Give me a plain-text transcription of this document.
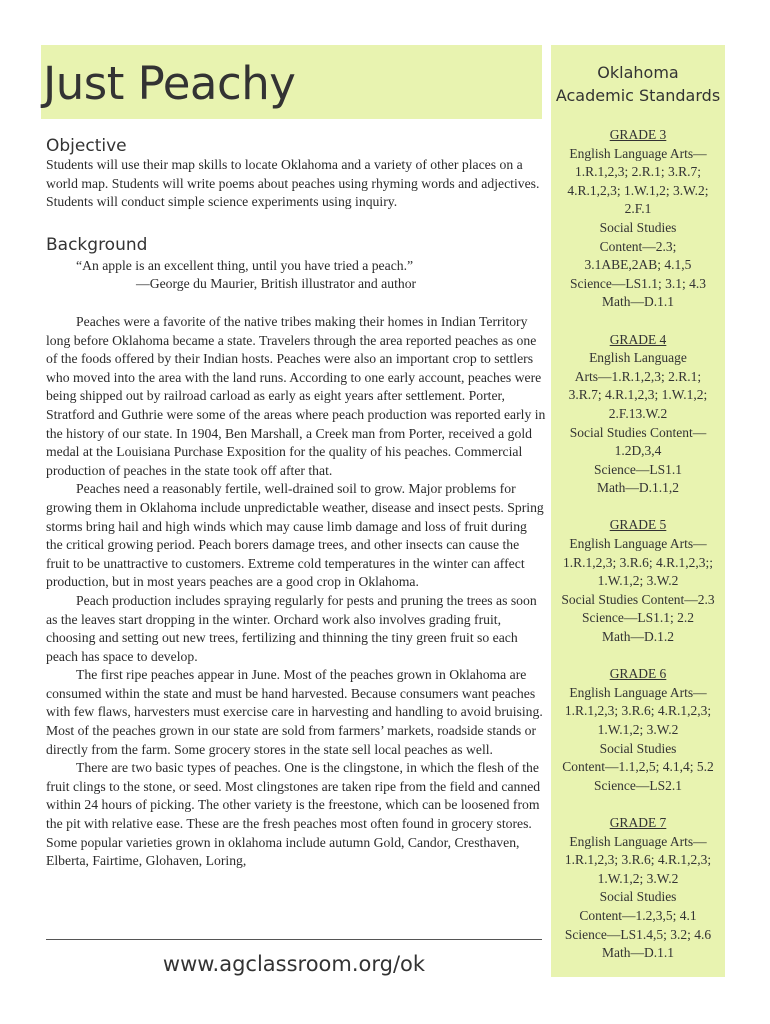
Just Peachy	Oklahoma
Academic Standards
GRADE 3
English Language Arts—
1.R.1,2,3; 2.R.1; 3.R.7;
4.R.1,2,3; 1.W.1,2; 3.W.2;
2.F.1
Social Studies
Content—2.3;
3.1ABE,2AB; 4.1,5
Science—LS1.1; 3.1; 4.3
Math—D.1.1
GRADE 4
English Language
Arts—1.R.1,2,3; 2.R.1;
3.R.7; 4.R.1,2,3; 1.W.1,2;
2.F.13.W.2
Social Studies Content—
1.2D,3,4
Science—LS1.1
Math—D.1.1,2
GRADE 5
English Language Arts—
1.R.1,2,3; 3.R.6; 4.R.1,2,3;;
1.W.1,2; 3.W.2
Social Studies Content—2.3
Science—LS1.1; 2.2
Math—D.1.2
GRADE 6
English Language Arts—
1.R.1,2,3; 3.R.6; 4.R.1,2,3;
1.W.1,2; 3.W.2
Social Studies
Content—1.1,2,5; 4.1,4; 5.2
Science—LS2.1
GRADE 7
English Language Arts—
1.R.1,2,3; 3.R.6; 4.R.1,2,3;
1.W.1,2; 3.W.2
Social Studies
Content—1.2,3,5; 4.1
Science—LS1.4,5; 3.2; 4.6
Math—D.1.1
Objective
Students will use their map skills to locate Oklahoma and a variety of other places on a world map. Students will write poems about peaches using rhyming words and adjectives. Students will conduct simple science experiments using inquiry.
Background
“An apple is an excellent thing, until you have tried a peach.”
—George du Maurier, British illustrator and author

Peaches were a favorite of the native tribes making their homes in Indian Territory long before Oklahoma became a state. Travelers through the area reported peaches as one of the foods offered by their Indian hosts. Peaches were also an important crop to settlers who moved into the area with the land runs. According to one early account, peaches were being shipped out by railroad carload as early as eight years after settlement. Porter, Stratford and Guthrie were some of the areas where peach production was reported early in the history of our state. In 1904, Ben Marshall, a Creek man from Porter, received a gold medal at the Louisiana Purchase Exposition for the quality of his peaches. Commercial production of peaches in the state took off after that.

Peaches need a reasonably fertile, well-drained soil to grow. Major problems for growing them in Oklahoma include unpredictable weather, disease and insect pests. Spring storms bring hail and high winds which may cause limb damage and loss of fruit during the critical growing period. Peach borers damage trees, and other insects can cause the fruit to be unattractive to customers. Extreme cold temperatures in the winter can affect production, but in most years peaches are a good crop in Oklahoma.

Peach production includes spraying regularly for pests and pruning the trees as soon as the leaves start dropping in the winter. Orchard work also involves grading fruit, choosing and setting out new trees, fertilizing and thinning the tiny green fruit so each peach has space to develop.

The first ripe peaches appear in June. Most of the peaches grown in Oklahoma are consumed within the state and must be hand harvested. Because consumers want peaches with few flaws, harvesters must exercise care in harvesting and handling to avoid bruising. Most of the peaches grown in our state are sold from farmers’ markets, roadside stands or directly from the farm. Some grocery stores in the state sell local peaches as well.

There are two basic types of peaches. One is the clingstone, in which the flesh of the fruit clings to the stone, or seed. Most clingstones are taken ripe from the field and canned within 24 hours of picking. The other variety is the freestone, which can be loosened from the pit with relative ease. These are the fresh peaches most often found in grocery stores. Some popular varieties grown in oklahoma include autumn Gold, Candor, Cresthaven, Elberta, Fairtime, Glohaven, Loring,

www.agclassroom.org/ok
